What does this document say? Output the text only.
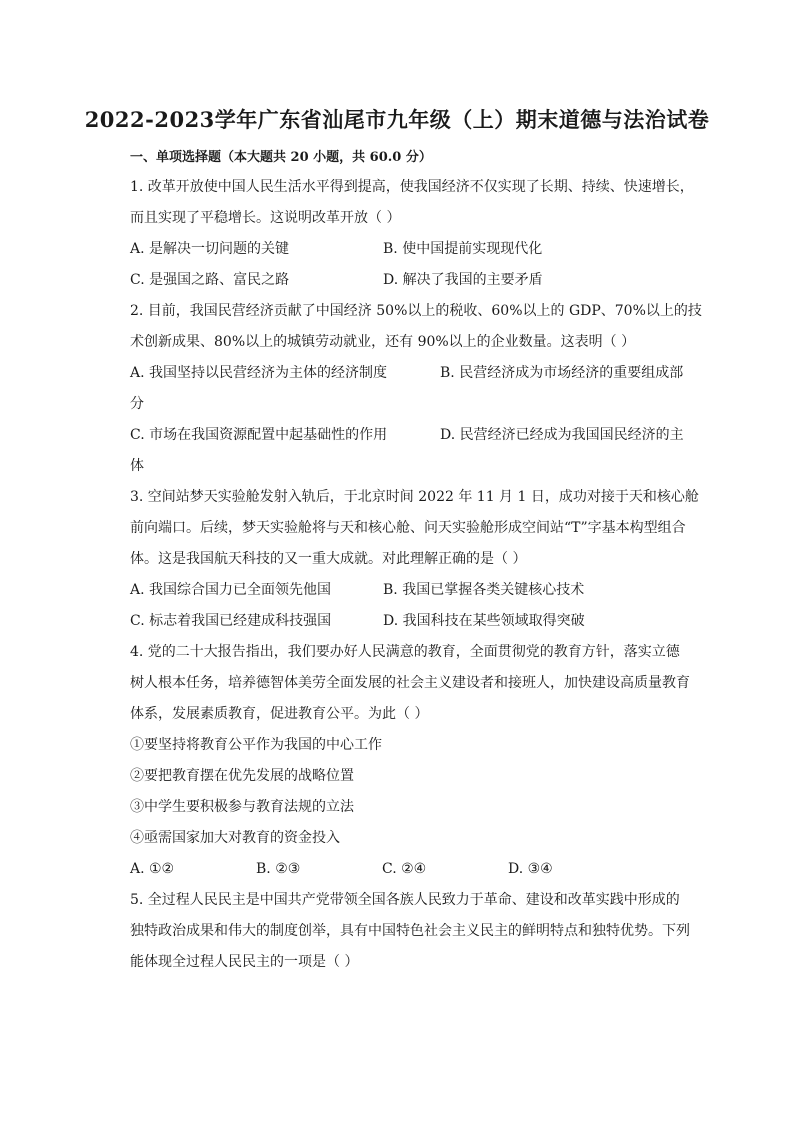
2022-2023学年广东省汕尾市九年级（上）期末道德与法治试卷
一、单项选择题（本大题共 20 小题，共 60.0 分）
1. 改革开放使中国人民生活水平得到提高，使我国经济不仅实现了长期、持续、快速增长，
而且实现了平稳增长。这说明改革开放（ ）
A. 是解决一切问题的关键	B. 使中国提前实现现代化
C. 是强国之路、富民之路	D. 解决了我国的主要矛盾
2. 目前，我国民营经济贡献了中国经济 50%以上的税收、60%以上的 GDP、70%以上的技
术创新成果、80%以上的城镇劳动就业，还有 90%以上的企业数量。这表明（ ）
A. 我国坚持以民营经济为主体的经济制度	B. 民营经济成为市场经济的重要组成部
分
C. 市场在我国资源配置中起基础性的作用	D. 民营经济已经成为我国国民经济的主
体
3. 空间站梦天实验舱发射入轨后，于北京时间 2022 年 11 月 1 日，成功对接于天和核心舱
前向端口。后续，梦天实验舱将与天和核心舱、问天实验舱形成空间站“T”字基本构型组合
体。这是我国航天科技的又一重大成就。对此理解正确的是（ ）
A. 我国综合国力已全面领先他国	B. 我国已掌握各类关键核心技术
C. 标志着我国已经建成科技强国	D. 我国科技在某些领域取得突破
4. 党的二十大报告指出，我们要办好人民满意的教育，全面贯彻党的教育方针，落实立德
树人根本任务，培养德智体美劳全面发展的社会主义建设者和接班人，加快建设高质量教育
体系，发展素质教育，促进教育公平。为此（ ）
①要坚持将教育公平作为我国的中心工作
②要把教育摆在优先发展的战略位置
③中学生要积极参与教育法规的立法
④亟需国家加大对教育的资金投入
A. ①②	B. ②③	C. ②④	D. ③④
5. 全过程人民民主是中国共产党带领全国各族人民致力于革命、建设和改革实践中形成的
独特政治成果和伟大的制度创举，具有中国特色社会主义民主的鲜明特点和独特优势。下列
能体现全过程人民民主的一项是（ ）
